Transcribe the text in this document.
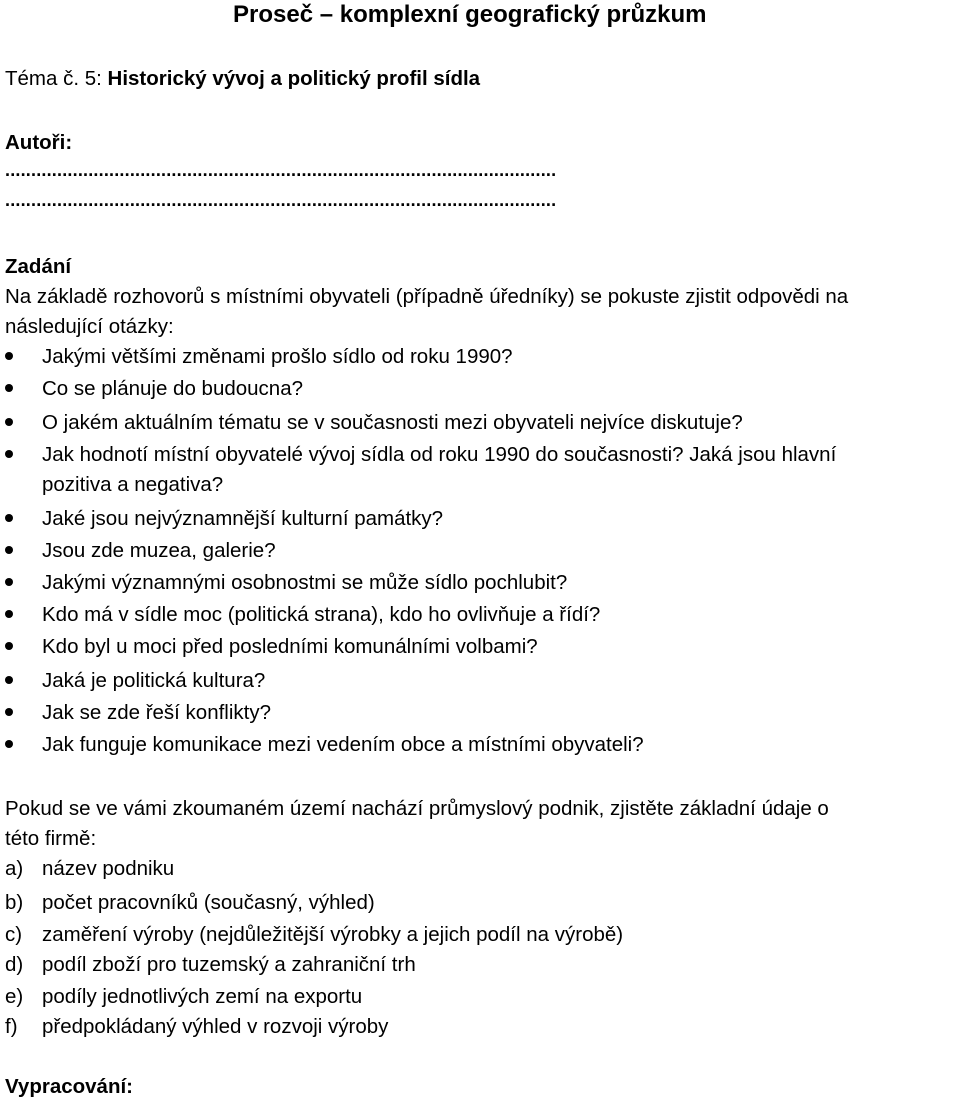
Proseč – komplexní geografický průzkum
Téma č. 5: Historický vývoj a politický profil sídla
Autoři:
..........................................................................................................
..........................................................................................................
Zadání
Na základě rozhovorů s místními obyvateli (případně úředníky) se pokuste zjistit odpovědi na
následující otázky:
Jakými většími změnami prošlo sídlo od roku 1990?
Co se plánuje do budoucna?
O jakém aktuálním tématu se v současnosti mezi obyvateli nejvíce diskutuje?
Jak hodnotí místní obyvatelé vývoj sídla od roku 1990 do současnosti? Jaká jsou hlavní
pozitiva a negativa?
Jaké jsou nejvýznamnější kulturní památky?
Jsou zde muzea, galerie?
Jakými významnými osobnostmi se může sídlo pochlubit?
Kdo má v sídle moc (politická strana), kdo ho ovlivňuje a řídí?
Kdo byl u moci před posledními komunálními volbami?
Jaká je politická kultura?
Jak se zde řeší konflikty?
Jak funguje komunikace mezi vedením obce a místními obyvateli?
Pokud se ve vámi zkoumaném území nachází průmyslový podnik, zjistěte základní údaje o
této firmě:
a) název podniku
b) počet pracovníků (současný, výhled)
c) zaměření výroby (nejdůležitější výrobky a jejich podíl na výrobě)
d) podíl zboží pro tuzemský a zahraniční trh
e) podíly jednotlivých zemí na exportu
f) předpokládaný výhled v rozvoji výroby
Vypracování:
